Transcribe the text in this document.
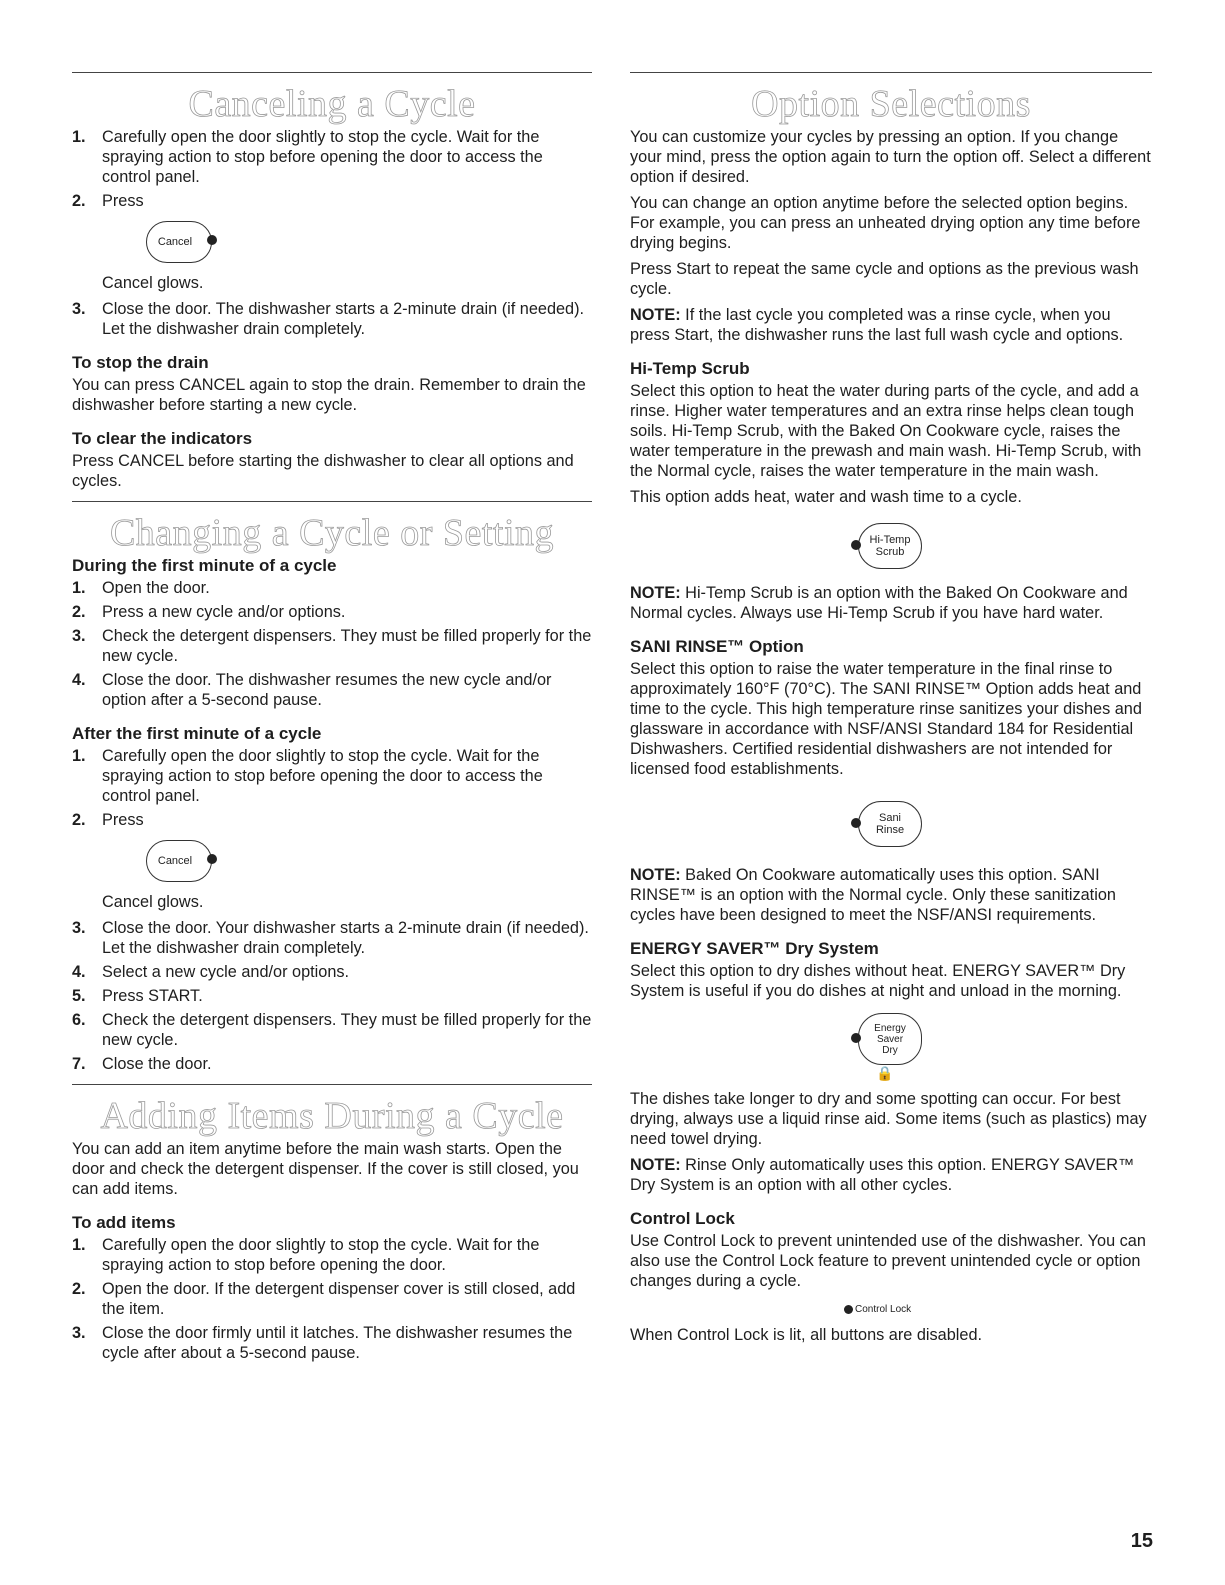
Canceling a Cycle
1.	Carefully open the door slightly to stop the cycle. Wait for the spraying action to stop before opening the door to access the control panel.
2.	Press
Cancel

Cancel glows.

3.	Close the door. The dishwasher starts a 2-minute drain (if needed). Let the dishwasher drain completely.
To stop the drain

You can press CANCEL again to stop the drain. Remember to drain the dishwasher before starting a new cycle.

To clear the indicators

Press CANCEL before starting the dishwasher to clear all options and cycles.

Changing a Cycle or Setting
During the first minute of a cycle
1.	Open the door.
2.	Press a new cycle and/or options.
3.	Check the detergent dispensers. They must be filled properly for the new cycle.
4.	Close the door. The dishwasher resumes the new cycle and/or option after a 5-second pause.
After the first minute of a cycle
1.	Carefully open the door slightly to stop the cycle. Wait for the spraying action to stop before opening the door to access the control panel.
2.	Press
Cancel

Cancel glows.

3.	Close the door. Your dishwasher starts a 2-minute drain (if needed). Let the dishwasher drain completely.
4.	Select a new cycle and/or options.
5.	Press START.
6.	Check the detergent dispensers. They must be filled properly for the new cycle.
7.	Close the door.
Adding Items During a Cycle

You can add an item anytime before the main wash starts. Open the door and check the detergent dispenser. If the cover is still closed, you can add items.

To add items
1.	Carefully open the door slightly to stop the cycle. Wait for the spraying action to stop before opening the door.
2.	Open the door. If the detergent dispenser cover is still closed, add the item.
3.	Close the door firmly until it latches. The dishwasher resumes the cycle after about a 5-second pause.
Option Selections

You can customize your cycles by pressing an option. If you change your mind, press the option again to turn the option off. Select a different option if desired.

You can change an option anytime before the selected option begins. For example, you can press an unheated drying option any time before drying begins.

Press Start to repeat the same cycle and options as the previous wash cycle.

NOTE: If the last cycle you completed was a rinse cycle, when you press Start, the dishwasher runs the last full wash cycle and options.

Hi-Temp Scrub

Select this option to heat the water during parts of the cycle, and add a rinse. Higher water temperatures and an extra rinse helps clean tough soils. Hi-Temp Scrub, with the Baked On Cookware cycle, raises the water temperature in the prewash and main wash. Hi-Temp Scrub, with the Normal cycle, raises the water temperature in the main wash.

This option adds heat, water and wash time to a cycle.

Hi-Temp
Scrub

NOTE: Hi-Temp Scrub is an option with the Baked On Cookware and Normal cycles. Always use Hi-Temp Scrub if you have hard water.

SANI RINSE™ Option

Select this option to raise the water temperature in the final rinse to approximately 160°F (70°C). The SANI RINSE™ Option adds heat and time to the cycle. This high temperature rinse sanitizes your dishes and glassware in accordance with NSF/ANSI Standard 184 for Residential Dishwashers. Certified residential dishwashers are not intended for licensed food establishments.

Sani
Rinse

NOTE: Baked On Cookware automatically uses this option. SANI RINSE™ is an option with the Normal cycle. Only these sanitization cycles have been designed to meet the NSF/ANSI requirements.

ENERGY SAVER™ Dry System

Select this option to dry dishes without heat. ENERGY SAVER™ Dry System is useful if you do dishes at night and unload in the morning.

Energy
Saver
Dry
🔒

The dishes take longer to dry and some spotting can occur. For best drying, always use a liquid rinse aid. Some items (such as plastics) may need towel drying.

NOTE: Rinse Only automatically uses this option. ENERGY SAVER™ Dry System is an option with all other cycles.

Control Lock

Use Control Lock to prevent unintended use of the dishwasher. You can also use the Control Lock feature to prevent unintended cycle or option changes during a cycle.

Control Lock

When Control Lock is lit, all buttons are disabled.

15
